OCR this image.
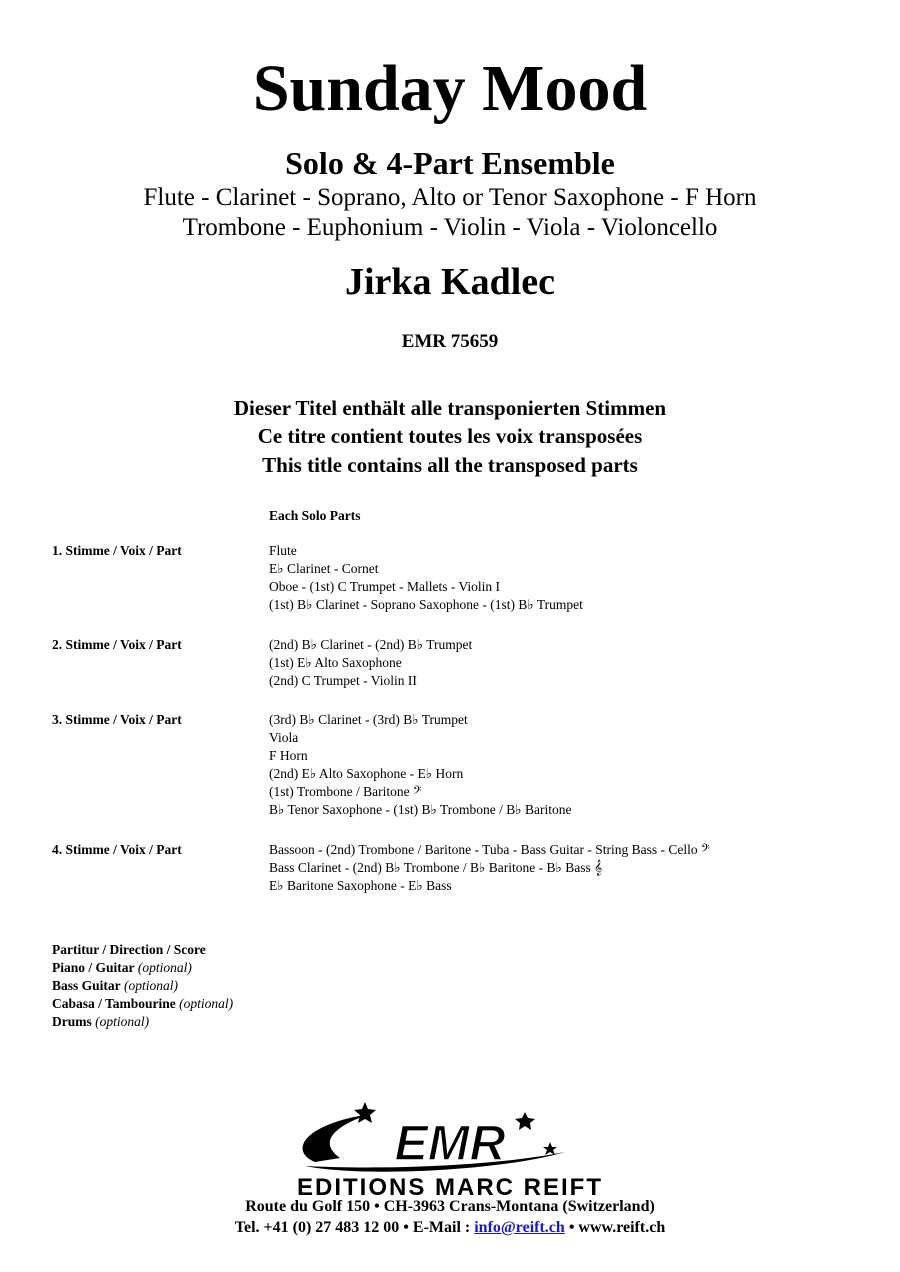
Sunday Mood
Solo & 4-Part Ensemble
Flute - Clarinet - Soprano, Alto or Tenor Saxophone - F Horn
Trombone - Euphonium - Violin - Viola - Violoncello
Jirka Kadlec
EMR 75659
Dieser Titel enthält alle transponierten Stimmen
Ce titre contient toutes les voix transposées
This title contains all the transposed parts
Each Solo Parts
1. Stimme / Voix / Part	Flute
E♭ Clarinet - Cornet
Oboe - (1st) C Trumpet - Mallets - Violin I
(1st) B♭ Clarinet - Soprano Saxophone - (1st) B♭ Trumpet
2. Stimme / Voix / Part	(2nd) B♭ Clarinet - (2nd) B♭ Trumpet
(1st) E♭ Alto Saxophone
(2nd) C Trumpet - Violin II
3. Stimme / Voix / Part	(3rd) B♭ Clarinet - (3rd) B♭ Trumpet
Viola
F Horn
(2nd) E♭ Alto Saxophone - E♭ Horn
(1st) Trombone / Baritone 𝄢
B♭ Tenor Saxophone - (1st) B♭ Trombone / B♭ Baritone
4. Stimme / Voix / Part	Bassoon - (2nd) Trombone / Baritone - Tuba - Bass Guitar - String Bass - Cello 𝄢
Bass Clarinet - (2nd) B♭ Trombone / B♭ Baritone - B♭ Bass 𝄞
E♭ Baritone Saxophone - E♭ Bass
Partitur / Direction / Score
Piano / Guitar (optional)
Bass Guitar (optional)
Cabasa / Tambourine (optional)
Drums (optional)
EMR
EDITIONS MARC REIFT
Route du Golf 150 • CH-3963 Crans-Montana (Switzerland)
Tel. +41 (0) 27 483 12 00 • E-Mail : info@reift.ch • www.reift.ch
